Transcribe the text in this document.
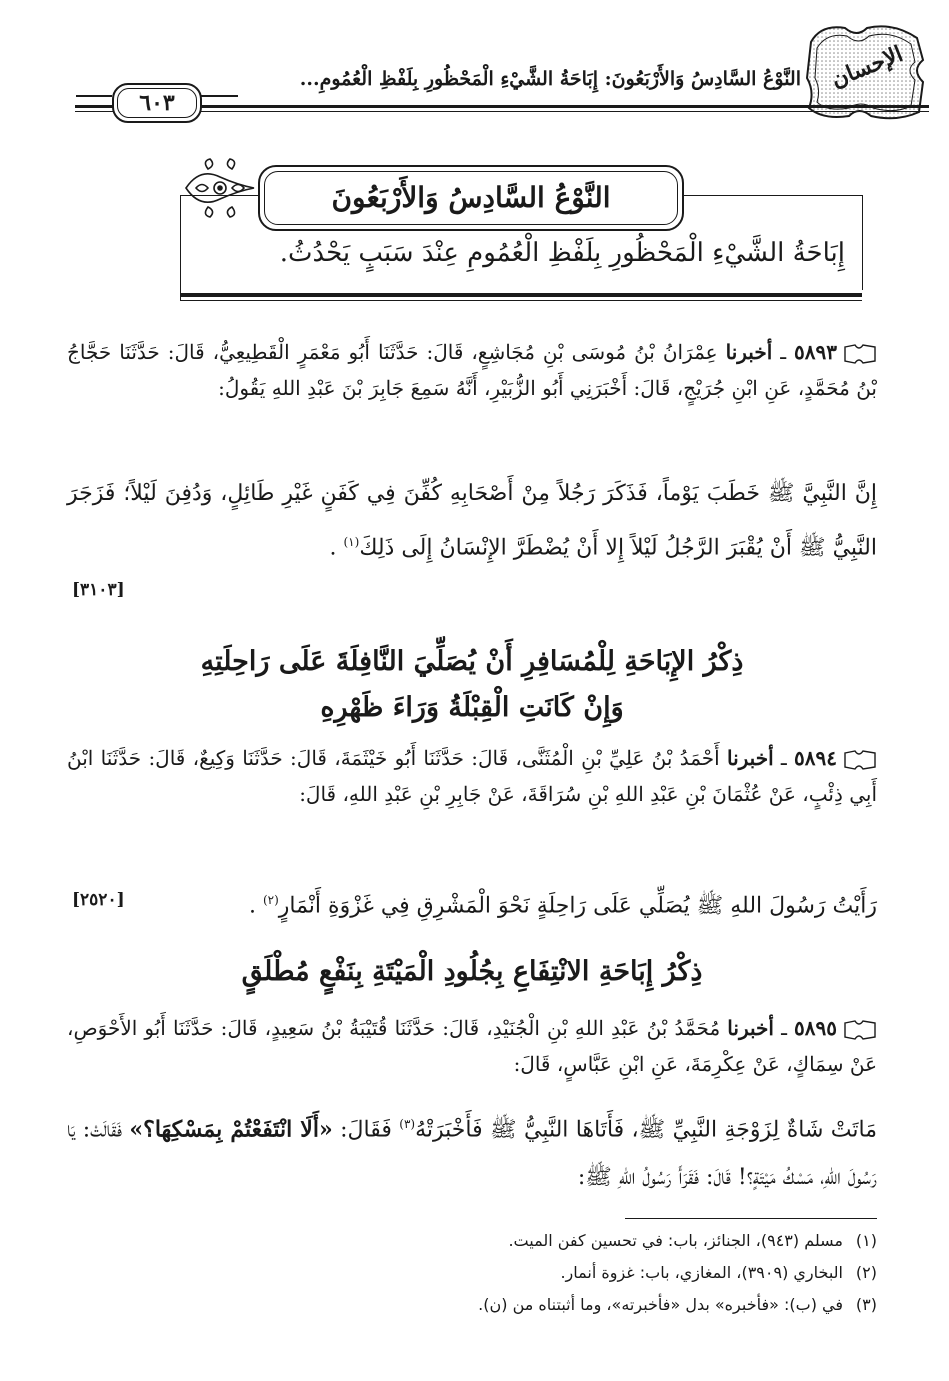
الإحسان
النَّوْعُ السَّادِسُ وَالأَرْبَعُونَ: إِبَاحَةُ الشَّيْءِ الْمَحْظُورِ بِلَفْظِ الْعُمُومِ...
٦٠٣
النَّوْعُ السَّادِسُ وَالأَرْبَعُونَ
إِبَاحَةُ الشَّيْءِ الْمَحْظُورِ بِلَفْظِ الْعُمُومِ عِنْدَ سَبَبٍ يَحْدُثُ.
٥٨٩٣ ـ أخبرنا عِمْرَانُ بْنُ مُوسَى بْنِ مُجَاشِعٍ، قَالَ: حَدَّثَنَا أَبُو مَعْمَرٍ الْقَطِيعِيُّ، قَالَ: حَدَّثَنَا حَجَّاجُ بْنُ مُحَمَّدٍ، عَنِ ابْنِ جُرَيْجٍ، قَالَ: أَخْبَرَنِي أَبُو الزُّبَيْرِ، أَنَّهُ سَمِعَ جَابِرَ بْنَ عَبْدِ اللهِ يَقُولُ:
إِنَّ النَّبِيَّ ﷺ خَطَبَ يَوْماً، فَذَكَرَ رَجُلاً مِنْ أَصْحَابِهِ كُفِّنَ فِي كَفَنٍ غَيْرِ طَائِلٍ، وَدُفِنَ لَيْلاً؛ فَزَجَرَ النَّبِيُّ ﷺ أَنْ يُقْبَرَ الرَّجُلُ لَيْلاً إِلا أَنْ يُضْطَرَّ الإِنْسَانُ إِلَى ذَلِكَ$^{(١)}$ .
[٣١٠٣]
ذِكْرُ الإِبَاحَةِ لِلْمُسَافِرِ أَنْ يُصَلِّيَ النَّافِلَةَ عَلَى رَاحِلَتِهِ
وَإِنْ كَانَتِ الْقِبْلَةُ وَرَاءَ ظَهْرِهِ
٥٨٩٤ ـ أخبرنا أَحْمَدُ بْنُ عَلِيِّ بْنِ الْمُثَنَّى، قَالَ: حَدَّثَنَا أَبُو خَيْثَمَةَ، قَالَ: حَدَّثَنَا وَكِيعٌ، قَالَ: حَدَّثَنَا ابْنُ أَبِي ذِئْبٍ، عَنْ عُثْمَانَ بْنِ عَبْدِ اللهِ بْنِ سُرَاقَةَ، عَنْ جَابِرِ بْنِ عَبْدِ اللهِ، قَالَ:
رَأَيْتُ رَسُولَ اللهِ ﷺ يُصَلِّي عَلَى رَاحِلَةٍ نَحْوَ الْمَشْرِقِ فِي غَزْوَةِ أَنْمَارٍ$^{(٢)}$ .
[٢٥٢٠]
ذِكْرُ إِبَاحَةِ الانْتِفَاعِ بِجُلُودِ الْمَيْتَةِ بِنَفْعٍ مُطْلَقٍ
٥٨٩٥ ـ أخبرنا مُحَمَّدُ بْنُ عَبْدِ اللهِ بْنِ الْجُنَيْدِ، قَالَ: حَدَّثَنَا قُتَيْبَةُ بْنُ سَعِيدٍ، قَالَ: حَدَّثَنَا أَبُو الأَحْوَصِ، عَنْ سِمَاكٍ، عَنْ عِكْرِمَةَ، عَنِ ابْنِ عَبَّاسٍ، قَالَ:
مَاتَتْ شَاةٌ لِزَوْجَةِ النَّبِيِّ ﷺ، فَأَتَاهَا النَّبِيُّ ﷺ فَأَخْبَرَتْهُ$^{(٣)}$ فَقَالَ: «أَلَا انْتَفَعْتُمْ بِمَسْكِهَا؟» فَقَالَتْ: يَا رَسُولَ اللهِ، مَسْكُ مَيْتَةٍ؟! قَالَ: فَقَرَأَ رَسُولُ اللهِ ﷺ:
(١)مسلم (٩٤٣)، الجنائز، باب: في تحسين كفن الميت.
(٢)البخاري (٣٩٠٩)، المغازي، باب: غزوة أنمار.
(٣)في (ب): «فأخبره» بدل «فأخبرته»، وما أثبتناه من (ن).
